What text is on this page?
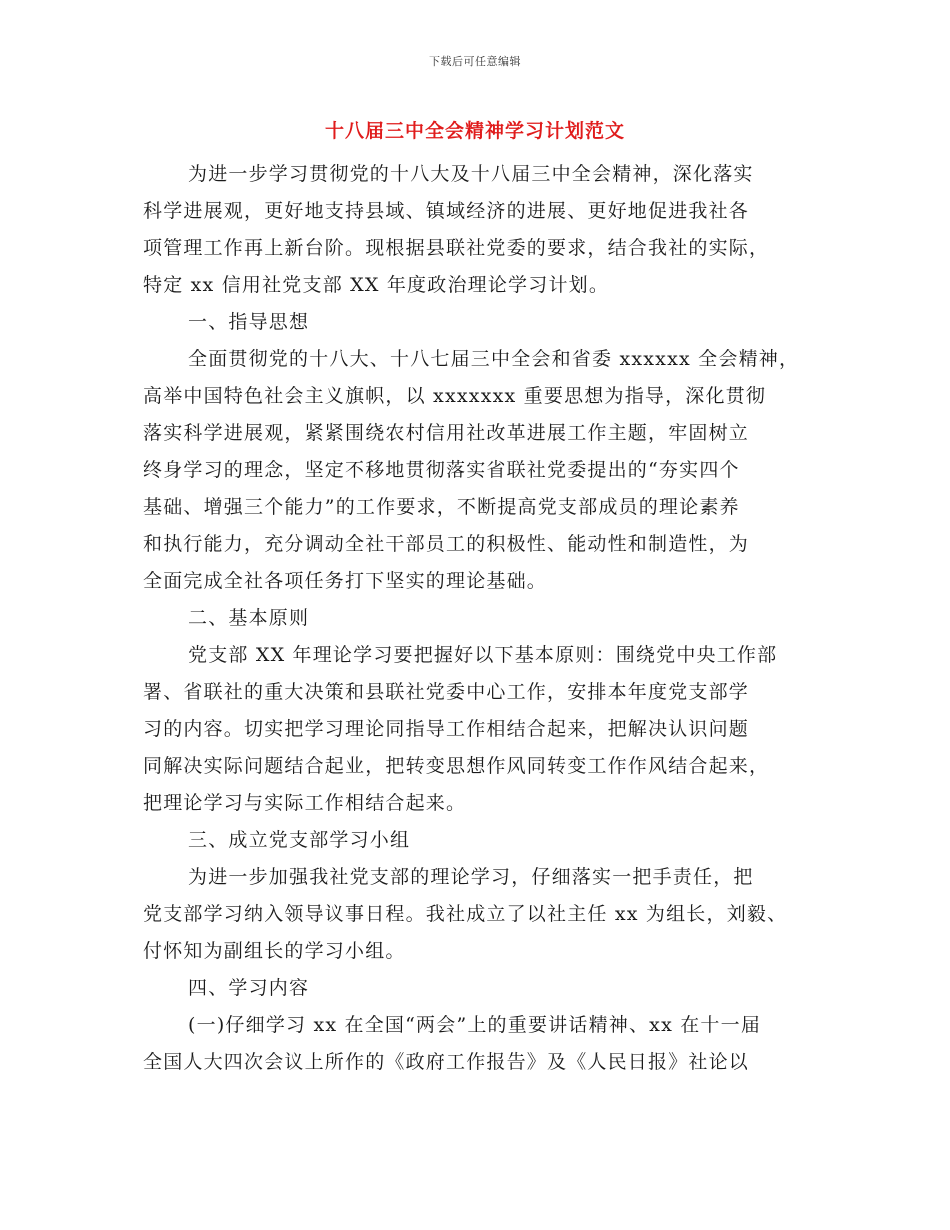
下载后可任意编辑
十八届三中全会精神学习计划范文
为进一步学习贯彻党的十八大及十八届三中全会精神，深化落实
科学进展观，更好地支持县域、镇域经济的进展、更好地促进我社各
项管理工作再上新台阶。现根据县联社党委的要求，结合我社的实际，
特定 xx 信用社党支部 XX 年度政治理论学习计划。
一、指导思想
全面贯彻党的十八大、十八七届三中全会和省委 xxxxxx 全会精神，
高举中国特色社会主义旗帜，以 xxxxxxx 重要思想为指导，深化贯彻
落实科学进展观，紧紧围绕农村信用社改革进展工作主题，牢固树立
终身学习的理念，坚定不移地贯彻落实省联社党委提出的“夯实四个
基础、增强三个能力”的工作要求，不断提高党支部成员的理论素养
和执行能力，充分调动全社干部员工的积极性、能动性和制造性，为
全面完成全社各项任务打下坚实的理论基础。
二、基本原则
党支部 XX 年理论学习要把握好以下基本原则：围绕党中央工作部
署、省联社的重大决策和县联社党委中心工作，安排本年度党支部学
习的内容。切实把学习理论同指导工作相结合起来，把解决认识问题
同解决实际问题结合起业，把转变思想作风同转变工作作风结合起来，
把理论学习与实际工作相结合起来。
三、成立党支部学习小组
为进一步加强我社党支部的理论学习，仔细落实一把手责任，把
党支部学习纳入领导议事日程。我社成立了以社主任 xx 为组长，刘毅、
付怀知为副组长的学习小组。
四、学习内容
(一)仔细学习 xx 在全国“两会”上的重要讲话精神、xx 在十一届
全国人大四次会议上所作的《政府工作报告》及《人民日报》社论以
